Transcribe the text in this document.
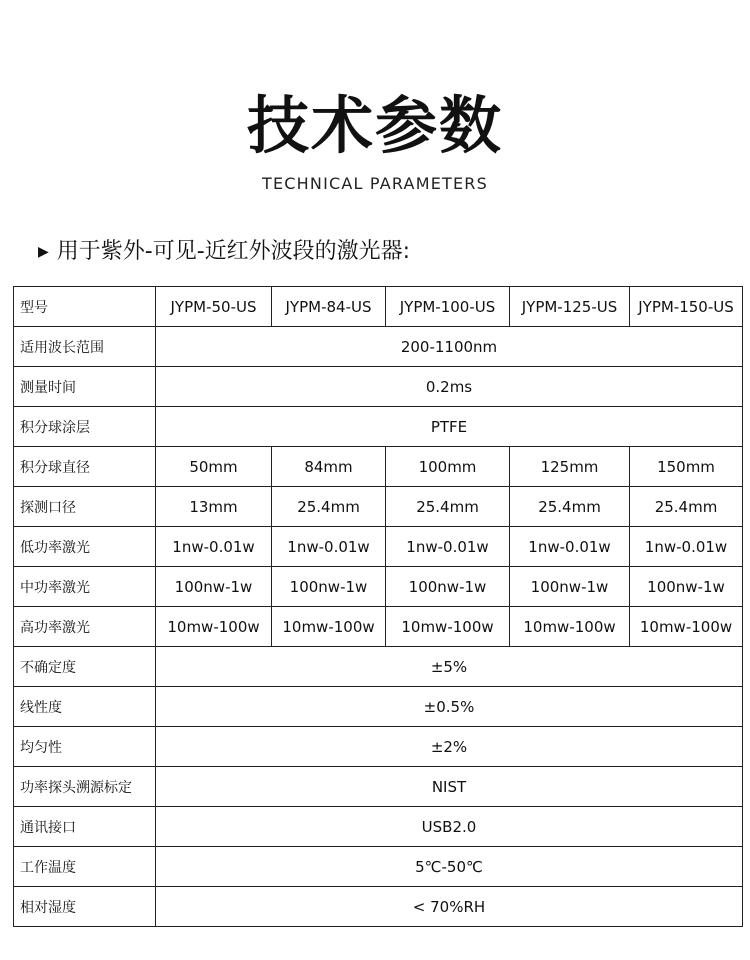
技术参数
TECHNICAL PARAMETERS
▶ 用于紫外-可见-近红外波段的激光器:
型号	JYPM-50-US	JYPM-84-US	JYPM-100-US	JYPM-125-US	JYPM-150-US
适用波长范围	200-1100nm				
测量时间	0.2ms				
积分球涂层	PTFE				
积分球直径	50mm	84mm	100mm	125mm	150mm
探测口径	13mm	25.4mm	25.4mm	25.4mm	25.4mm
低功率激光	1nw-0.01w	1nw-0.01w	1nw-0.01w	1nw-0.01w	1nw-0.01w
中功率激光	100nw-1w	100nw-1w	100nw-1w	100nw-1w	100nw-1w
高功率激光	10mw-100w	10mw-100w	10mw-100w	10mw-100w	10mw-100w
不确定度	±5%				
线性度	±0.5%				
均匀性	±2%				
功率探头溯源标定	NIST				
通讯接口	USB2.0				
工作温度	5℃-50℃				
相对湿度	< 70%RH				
